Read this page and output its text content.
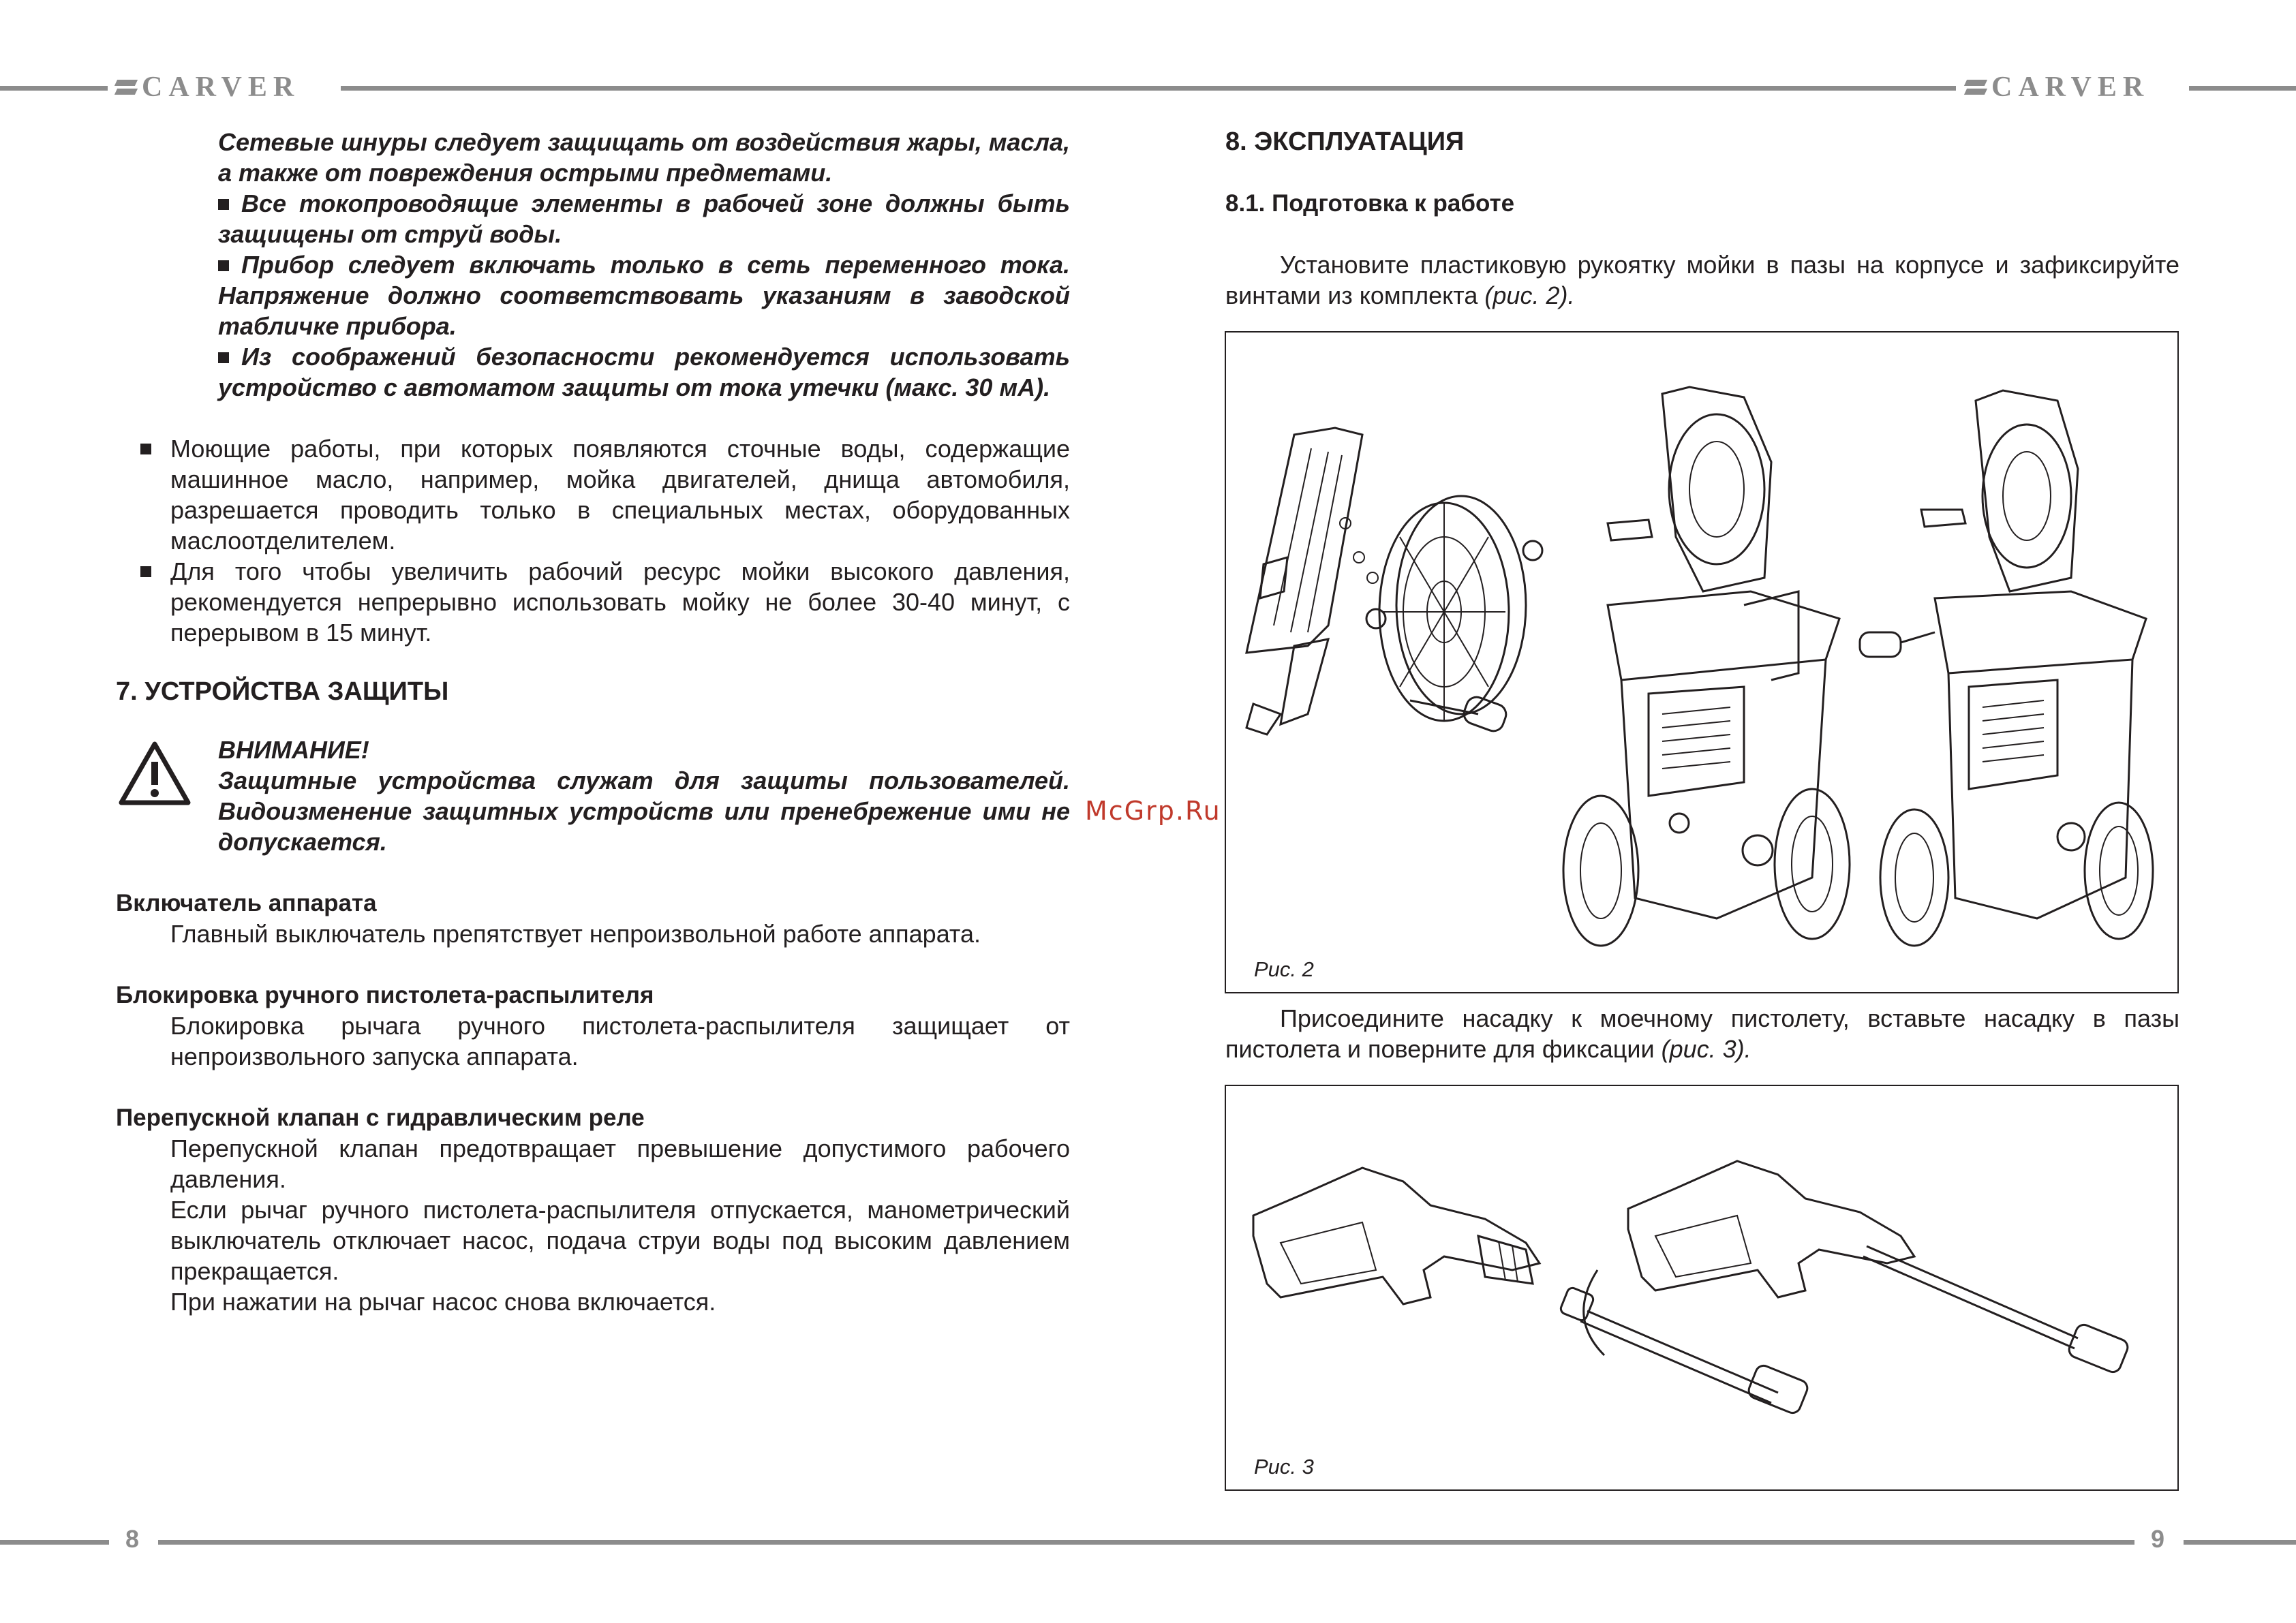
CARVER	CARVER
8	9

Сетевые шнуры следует защищать от воздействия жары, масла, а также от повреждения острыми предметами.

Все токопроводящие элементы в рабочей зоне должны быть защищены от струй воды.

Прибор следует включать только в сеть переменного тока. Напряжение должно соответствовать указаниям в заводской табличке прибора.

Из соображений безопасности рекомендуется использовать устройство с автоматом защиты от тока утечки (макс. 30 мА).

Моющие работы, при которых появляются сточные воды, содержащие машинное масло, например, мойка двигателей, днища автомобиля, разрешается проводить только в специальных местах, оборудованных маслоотделителем.

Для того чтобы увеличить рабочий ресурс мойки высокого давления, рекомендуется непрерывно использовать мойку не более 30-40 минут, с перерывом в 15 минут.

7. УСТРОЙСТВА ЗАЩИТЫ

ВНИМАНИЕ!

Защитные устройства служат для защиты пользователей. Видоизменение защитных устройств или пренебрежение ими не допускается.

Включатель аппарата

Главный выключатель препятствует непроизвольной работе аппарата.

Блокировка ручного пистолета-распылителя

Блокировка рычага ручного пистолета-распылителя защищает от непроизвольного запуска аппарата.

Перепускной клапан с гидравлическим реле

Перепускной клапан предотвращает превышение допустимого рабочего давления.

Если рычаг ручного пистолета-распылителя отпускается, манометрический выключатель отключает насос, подача струи воды под высоким давлением прекращается.

При нажатии на рычаг насос снова включается.

McGrp.Ru

8. ЭКСПЛУАТАЦИЯ

8.1. Подготовка к работе

Установите пластиковую рукоятку мойки в пазы на корпусе и зафиксируйте винтами из комплекта (рис. 2).

Рис. 2

Присоедините насадку к моечному пистолету, вставьте насадку в пазы пистолета и поверните для фиксации (рис. 3).

Рис. 3
